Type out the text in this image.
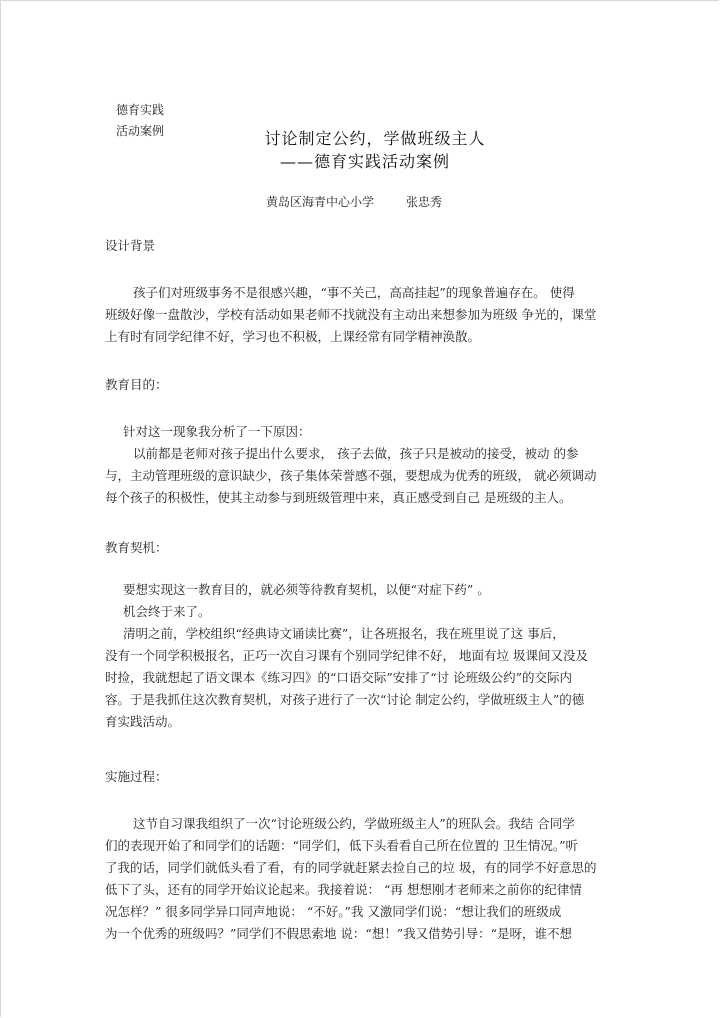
德育实践
活动案例	讨论制定公约，学做班级主人
——德育实践活动案例
黄岛区海青中心小学	张忠秀
设计背景
孩子们对班级事务不是很感兴趣，“事不关己，高高挂起”的现象普遍存在。 使得
班级好像一盘散沙，学校有活动如果老师不找就没有主动出来想参加为班级 争光的，课堂
上有时有同学纪律不好，学习也不积极，上课经常有同学精神涣散。
教育目的：
针对这一现象我分析了一下原因：
以前都是老师对孩子提出什么要求， 孩子去做，孩子只是被动的接受，被动 的参
与，主动管理班级的意识缺少，孩子集体荣誉感不强，要想成为优秀的班级， 就必须调动
每个孩子的积极性，使其主动参与到班级管理中来，真正感受到自己 是班级的主人。
教育契机：
要想实现这一教育目的，就必须等待教育契机，以便“对症下药” 。
机会终于来了。
清明之前，学校组织“经典诗文诵读比赛”，让各班报名，我在班里说了这 事后，
没有一个同学积极报名，正巧一次自习课有个别同学纪律不好， 地面有垃 圾课间又没及
时捡，我就想起了语文课本《练习四》的“口语交际”安排了“讨 论班级公约”的交际内
容。于是我抓住这次教育契机，对孩子进行了一次“讨论 制定公约，学做班级主人”的德
育实践活动。
实施过程：
这节自习课我组织了一次“讨论班级公约，学做班级主人”的班队会。我结 合同学
们的表现开始了和同学们的话题：“同学们，低下头看看自己所在位置的 卫生情况。”听
了我的话，同学们就低头看了看，有的同学就赶紧去捡自己的垃 圾，有的同学不好意思的
低下了头，还有的同学开始议论起来。我接着说： “再 想想刚才老师来之前你的纪律情
况怎样？” 很多同学异口同声地说： “不好。”我 又激同学们说：“想让我们的班级成
为一个优秀的班级吗？”同学们不假思索地 说：“想！”我又借势引导：“是呀，谁不想
